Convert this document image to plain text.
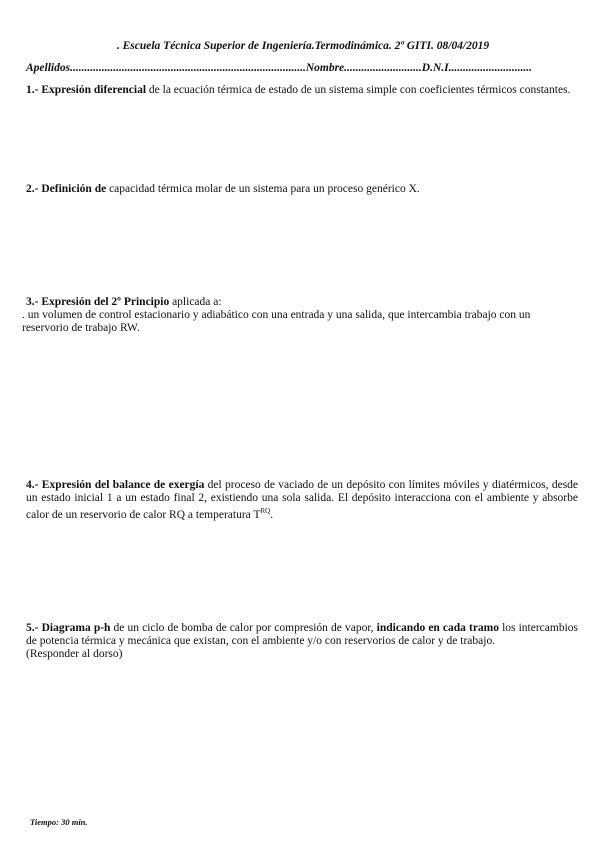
. Escuela Técnica Superior de Ingeniería.Termodinámica. 2º GITI. 08/04/2019
Apellidos..................................................................................Nombre...........................D.N.I.............................
1.- Expresión diferencial de la ecuación térmica de estado de un sistema simple con coeficientes térmicos constantes.
2.- Definición de capacidad térmica molar de un sistema para un proceso genérico X.
3.- Expresión del 2º Principio aplicada a:
. un volumen de control estacionario y adiabático con una entrada y una salida, que intercambia trabajo con un reservorio de trabajo RW.
4.- Expresión del balance de exergía del proceso de vaciado de un depósito con límites móviles y diatérmicos, desde un estado inicial 1 a un estado final 2, existiendo una sola salida. El depósito interacciona con el ambiente y absorbe calor de un reservorio de calor RQ a temperatura $T^{RQ}$.
5.- Diagrama p-h de un ciclo de bomba de calor por compresión de vapor, indicando en cada tramo los intercambios de potencia térmica y mecánica que existan, con el ambiente y/o con reservorios de calor y de trabajo.
(Responder al dorso)
Tiempo: 30 min.
